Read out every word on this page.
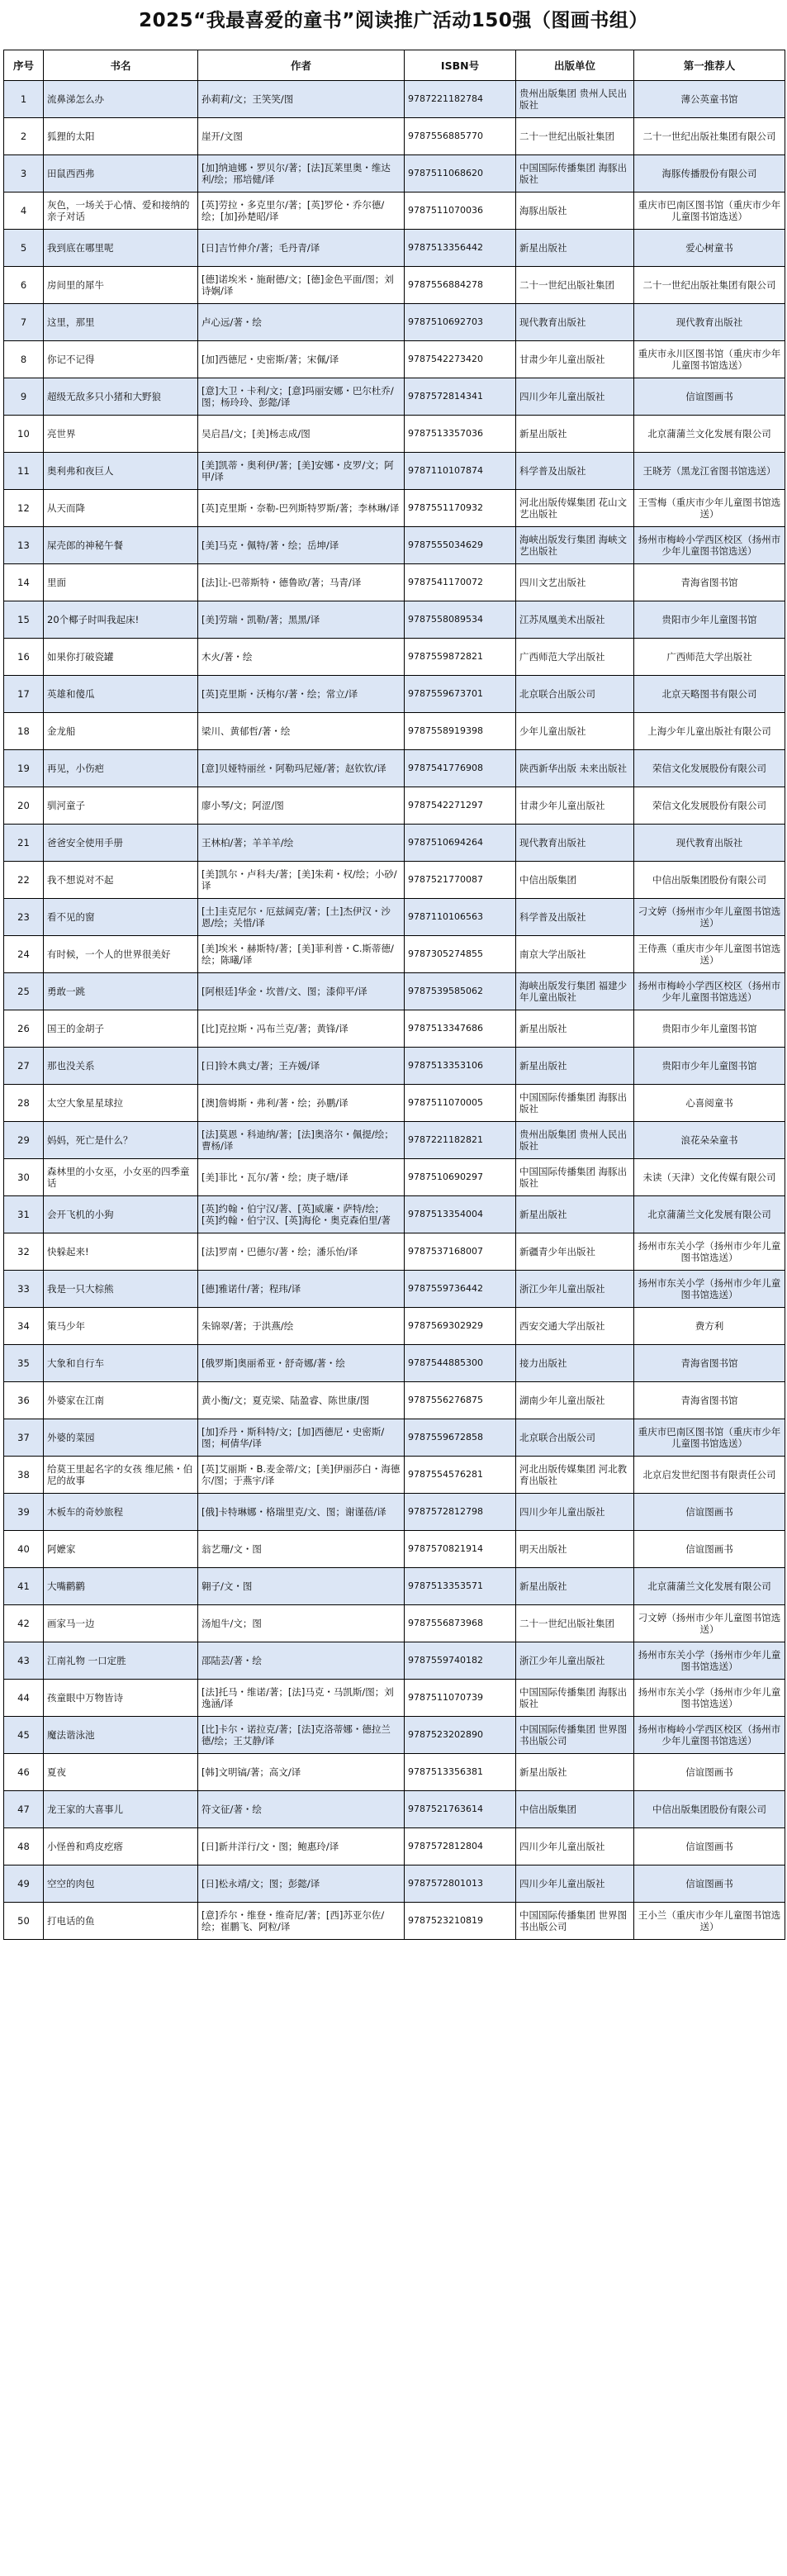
2025“我最喜爱的童书”阅读推广活动150强（图画书组）
序号	书名	作者	ISBN号	出版单位	第一推荐人
1	流鼻涕怎么办	孙莉莉/文；王笑笑/图	9787221182784	贵州出版集团 贵州人民出版社	薄公英童书馆
2	狐狸的太阳	崖开/文图	9787556885770	二十一世纪出版社集团	二十一世纪出版社集团有限公司
3	田鼠西西弗	[加]纳迪娜・罗贝尔/著；[法]瓦莱里奥・维达利/绘；邢培健/译	9787511068620	中国国际传播集团 海豚出版社	海豚传播股份有限公司
4	灰色，一场关于心情、爱和接纳的亲子对话	[英]劳拉・多克里尔/著；[英]罗伦・乔尔德/绘；[加]孙楚昭/译	9787511070036	海豚出版社	重庆市巴南区图书馆（重庆市少年儿童图书馆选送）
5	我到底在哪里呢	[日]吉竹伸介/著；毛丹青/译	9787513356442	新星出版社	爱心树童书
6	房间里的犀牛	[德]诺埃米・施耐德/文；[德]金色平面/图；刘诗娴/译	9787556884278	二十一世纪出版社集团	二十一世纪出版社集团有限公司
7	这里，那里	卢心远/著・绘	9787510692703	现代教育出版社	现代教育出版社
8	你记不记得	[加]西德尼・史密斯/著；宋佩/译	9787542273420	甘肃少年儿童出版社	重庆市永川区图书馆（重庆市少年儿童图书馆选送）
9	超级无敌多只小猪和大野狼	[意]大卫・卡利/文；[意]玛丽安娜・巴尔杜乔/图；杨玲玲、彭懿/译	9787572814341	四川少年儿童出版社	信谊图画书
10	亮世界	吴启昌/文；[美]杨志成/图	9787513357036	新星出版社	北京蒲蒲兰文化发展有限公司
11	奥利弗和夜巨人	[美]凯蒂・奥利伊/著；[美]安娜・皮罗/文；阿甲/译	9787110107874	科学普及出版社	王晓芳（黑龙江省图书馆选送）
12	从天而降	[英]克里斯・奈勒-巴列斯特罗斯/著；李林琳/译	9787551170932	河北出版传媒集团 花山文艺出版社	王雪梅（重庆市少年儿童图书馆选送）
13	屎壳郎的神秘午餐	[美]马克・佩特/著・绘；岳坤/译	9787555034629	海峡出版发行集团 海峡文艺出版社	扬州市梅岭小学西区校区（扬州市少年儿童图书馆选送）
14	里面	[法]让-巴蒂斯特・德鲁欧/著；马青/译	9787541170072	四川文艺出版社	青海省图书馆
15	20个椰子时叫我起床!	[美]劳瑞・凯勒/著；黑黑/译	9787558089534	江苏凤凰美术出版社	贵阳市少年儿童图书馆
16	如果你打破瓷罐	木火/著・绘	9787559872821	广西师范大学出版社	广西师范大学出版社
17	英雄和傻瓜	[英]克里斯・沃梅尔/著・绘；常立/译	9787559673701	北京联合出版公司	北京天略图书有限公司
18	金龙船	梁川、黄郁哲/著・绘	9787558919398	少年儿童出版社	上海少年儿童出版社有限公司
19	再见，小伤疤	[意]贝娅特丽丝・阿勒玛尼娅/著；赵钦钦/译	9787541776908	陕西新华出版 未来出版社	荣信文化发展股份有限公司
20	驯河童子	廖小琴/文；阿涩/图	9787542271297	甘肃少年儿童出版社	荣信文化发展股份有限公司
21	爸爸安全使用手册	王林柏/著；羊羊羊/绘	9787510694264	现代教育出版社	现代教育出版社
22	我不想说对不起	[美]凯尔・卢科夫/著；[美]朱莉・权/绘；小砂/译	9787521770087	中信出版集团	中信出版集团股份有限公司
23	看不见的窗	[土]圭克尼尔・厄兹阔克/著；[土]杰伊汉・沙恩/绘；关惜/译	9787110106563	科学普及出版社	刁文婷（扬州市少年儿童图书馆选送）
24	有时候，一个人的世界很美好	[美]埃米・赫斯特/著；[美]菲利普・C.斯蒂德/绘；陈曦/译	9787305274855	南京大学出版社	王侍燕（重庆市少年儿童图书馆选送）
25	勇敢一跳	[阿根廷]华金・坎普/文、图；漆仰平/译	9787539585062	海峡出版发行集团 福建少年儿童出版社	扬州市梅岭小学西区校区（扬州市少年儿童图书馆选送）
26	国王的金胡子	[比]克拉斯・冯布兰克/著；黄锋/译	9787513347686	新星出版社	贵阳市少年儿童图书馆
27	那也没关系	[日]铃木典丈/著；王卉媛/译	9787513353106	新星出版社	贵阳市少年儿童图书馆
28	太空大象星星球拉	[澳]詹姆斯・弗利/著・绘；孙鹏/译	9787511070005	中国国际传播集团 海豚出版社	心喜阅童书
29	妈妈，死亡是什么？	[法]莫恩・科迪纳/著；[法]奥洛尔・佩提/绘；曹杨/译	9787221182821	贵州出版集团 贵州人民出版社	浪花朵朵童书
30	森林里的小女巫，小女巫的四季童话	[美]菲比・瓦尔/著・绘；庚子塘/译	9787510690297	中国国际传播集团 海豚出版社	未读（天津）文化传媒有限公司
31	会开飞机的小狗	[英]约翰・伯宁汉/著、[英]威廉・萨特/绘；[英]约翰・伯宁汉、[英]海伦・奥克森伯里/著	9787513354004	新星出版社	北京蒲蒲兰文化发展有限公司
32	快躲起来!	[法]罗南・巴德尔/著・绘；潘乐怡/译	9787537168007	新疆青少年出版社	扬州市东关小学（扬州市少年儿童图书馆选送）
33	我是一只大棕熊	[德]雅诺什/著；程玮/译	9787559736442	浙江少年儿童出版社	扬州市东关小学（扬州市少年儿童图书馆选送）
34	策马少年	朱锦翠/著；于洪燕/绘	9787569302929	西安交通大学出版社	费方利
35	大象和自行车	[俄罗斯]奥丽希亚・舒奇娜/著・绘	9787544885300	接力出版社	青海省图书馆
36	外婆家在江南	黄小衡/文；夏克梁、陆盈睿、陈世康/图	9787556276875	湖南少年儿童出版社	青海省图书馆
37	外婆的菜园	[加]乔丹・斯科特/文；[加]西德尼・史密斯/图；柯倩华/译	9787559672858	北京联合出版公司	重庆市巴南区图书馆（重庆市少年儿童图书馆选送）
38	给莫王里起名字的女孩 维尼熊・伯尼的故事	[英]艾丽斯・B.麦金蒂/文；[美]伊丽莎白・海德尔/图；于燕宇/译	9787554576281	河北出版传媒集团 河北教育出版社	北京启发世纪图书有限责任公司
39	木板车的奇妙旅程	[俄]卡特琳娜・格瑞里克/文、图；谢谨蓓/译	9787572812798	四川少年儿童出版社	信谊图画书
40	阿嬷家	翁艺珊/文・图	9787570821914	明天出版社	信谊图画书
41	大嘴鹳鹳	翱子/文・图	9787513353571	新星出版社	北京蒲蒲兰文化发展有限公司
42	画家马一边	汤旭牛/文；图	9787556873968	二十一世纪出版社集团	刁文婷（扬州市少年儿童图书馆选送）
43	江南礼物 一口定胜	邵陆芸/著・绘	9787559740182	浙江少年儿童出版社	扬州市东关小学（扬州市少年儿童图书馆选送）
44	孩童眼中万物皆诗	[法]托马・维诺/著；[法]马克・马凯斯/图；刘逸涵/译	9787511070739	中国国际传播集团 海豚出版社	扬州市东关小学（扬州市少年儿童图书馆选送）
45	魔法谐泳池	[比]卡尔・诺拉克/著；[法]克洛蒂娜・德拉兰德/绘；王艾静/译	9787523202890	中国国际传播集团 世界图书出版公司	扬州市梅岭小学西区校区（扬州市少年儿童图书馆选送）
46	夏夜	[韩]文明镐/著；高文/译	9787513356381	新星出版社	信谊图画书
47	龙王家的大喜事儿	符文征/著・绘	9787521763614	中信出版集团	中信出版集团股份有限公司
48	小怪兽和鸡皮疙瘩	[日]新井洋行/文・图；鲍惠玲/译	9787572812804	四川少年儿童出版社	信谊图画书
49	空空的肉包	[日]松永靖/文；图；彭懿/译	9787572801013	四川少年儿童出版社	信谊图画书
50	打电话的鱼	[意]乔尔・维登・维奇尼/著；[西]苏亚尔佐/绘；崔鹏飞、阿粒/译	9787523210819	中国国际传播集团 世界图书出版公司	王小兰（重庆市少年儿童图书馆选送）
